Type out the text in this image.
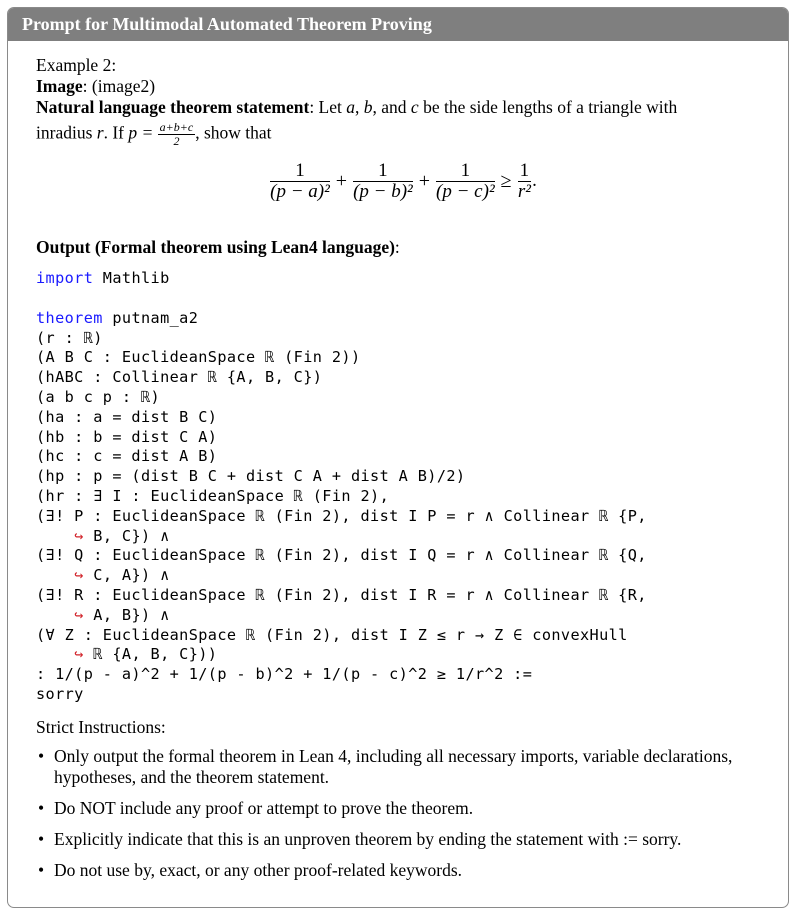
Prompt for Multimodal Automated Theorem Proving
Example 2:
Image: (image2)
Natural language theorem statement: Let a, b, and c be the side lengths of a triangle with
inradius r. If $p = \frac{a+b+c}{2}$ , show that
$\frac{1}{\text{(p − a)²}} + \frac{1}{\text{(p − b)²}} + \frac{1}{\text{(p − c)²}} \ge \frac{1}{\text{r²}}$ .
Output (Formal theorem using Lean4 language):
import Mathlib

theorem putnam_a2
(r : ℝ)
(A B C : EuclideanSpace ℝ (Fin 2))
(hABC : Collinear ℝ {A, B, C})
(a b c p : ℝ)
(ha : a = dist B C)
(hb : b = dist C A)
(hc : c = dist A B)
(hp : p = (dist B C + dist C A + dist A B)/2)
(hr : ∃ I : EuclideanSpace ℝ (Fin 2),
(∃! P : EuclideanSpace ℝ (Fin 2), dist I P = r ∧ Collinear ℝ {P,
↪ B, C}) ∧
(∃! Q : EuclideanSpace ℝ (Fin 2), dist I Q = r ∧ Collinear ℝ {Q,
↪ C, A}) ∧
(∃! R : EuclideanSpace ℝ (Fin 2), dist I R = r ∧ Collinear ℝ {R,
↪ A, B}) ∧
(∀ Z : EuclideanSpace ℝ (Fin 2), dist I Z ≤ r → Z ∈ convexHull
↪ ℝ {A, B, C}))
: 1/(p - a)^2 + 1/(p - b)^2 + 1/(p - c)^2 ≥ 1/r^2 :=
sorry
Strict Instructions:
• Only output the formal theorem in Lean 4, including all necessary imports, variable declarations, hypotheses, and the theorem statement.
• Do NOT include any proof or attempt to prove the theorem.
• Explicitly indicate that this is an unproven theorem by ending the statement with := sorry.
• Do not use by, exact, or any other proof-related keywords.
